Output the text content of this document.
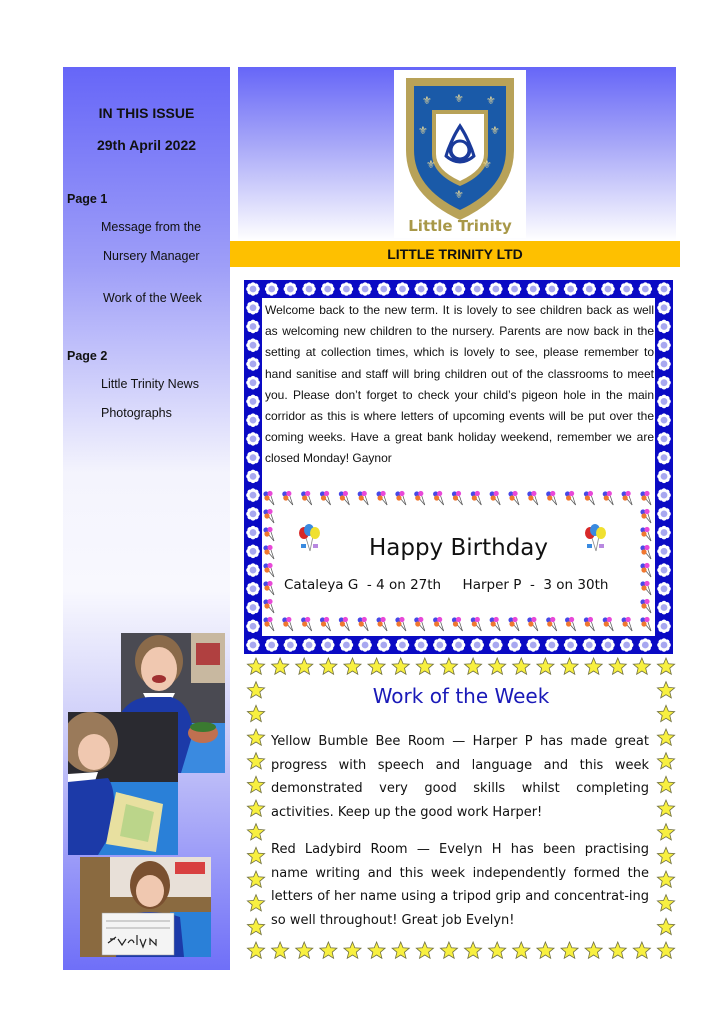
IN THIS ISSUE
29th April 2022
Page 1
Message from the
Nursery Manager
Work of the Week
Page 2
Little Trinity News
Photographs
⚜ ⚜ ⚜
⚜	⚜
⚜	⚜
⚜
Little Trinity
LITTLE TRINITY LTD
Welcome back to the new term. It is lovely to see children back as well as welcoming new children to the nursery. Parents are now back in the setting at collection times, which is lovely to see, please remember to hand sanitise and staff will bring children out of the classrooms to meet you. Please don’t forget to check your child’s pigeon hole in the main corridor as this is where letters of upcoming events will be put over the coming weeks. Have a great bank holiday weekend, remember we are closed Monday! Gaynor
Happy Birthday
Cataleya G  - 4 on 27th     Harper P  -  3 on 30th
Work of the Week
Yellow Bumble Bee Room — Harper P has made great progress with speech and language and this week demonstrated very good skills whilst completing activities. Keep up the good work Harper!
Red Ladybird Room — Evelyn H has been practising name writing and this week independently formed the letters of her name using a tripod grip and concentrat-ing so well throughout! Great job Evelyn!
